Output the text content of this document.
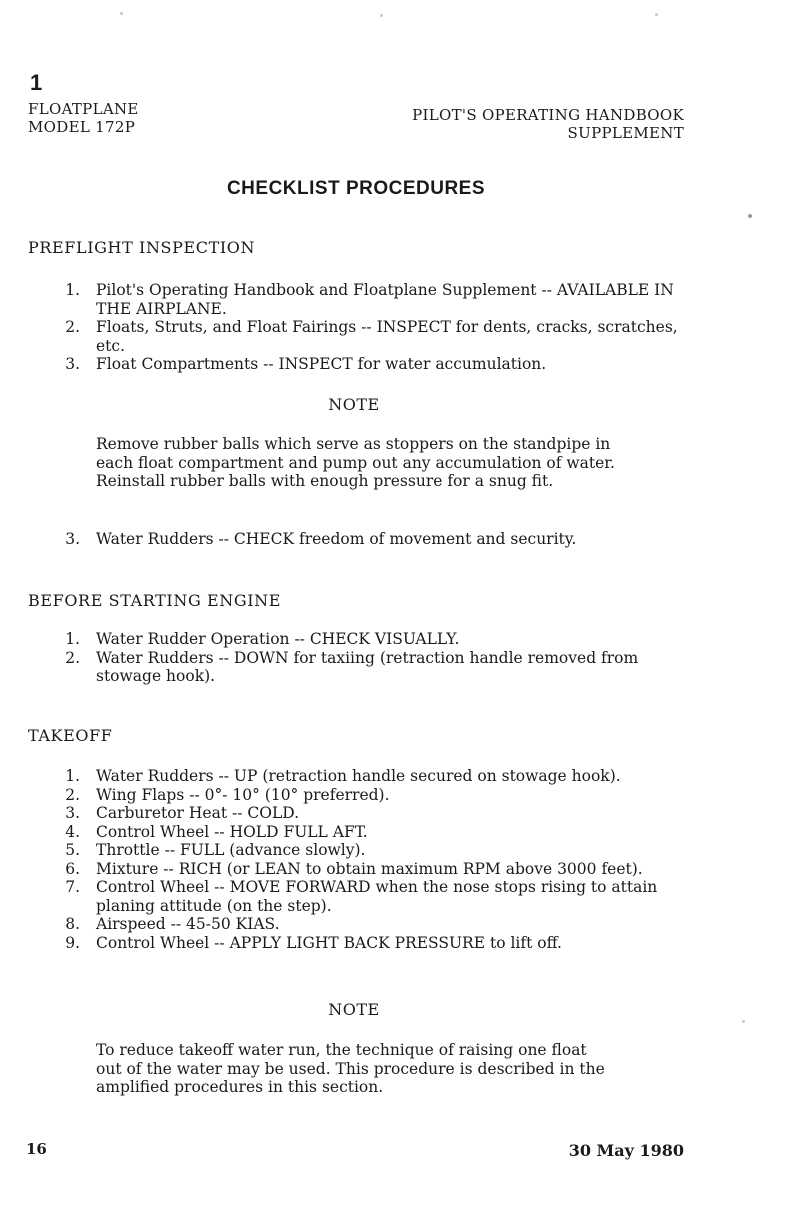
1
FLOATPLANE
MODEL 172P
PILOT'S OPERATING HANDBOOK
SUPPLEMENT
CHECKLIST PROCEDURES
PREFLIGHT INSPECTION
1. Pilot's Operating Handbook and Floatplane Supplement -- AVAILABLE IN THE AIRPLANE.
2. Floats, Struts, and Float Fairings -- INSPECT for dents, cracks, scratches, etc.
3. Float Compartments -- INSPECT for water accumulation.
NOTE
Remove rubber balls which serve as stoppers on the standpipe in each float compartment and pump out any accumulation of water. Reinstall rubber balls with enough pressure for a snug fit.
3. Water Rudders -- CHECK freedom of movement and security.
BEFORE STARTING ENGINE
1. Water Rudder Operation -- CHECK VISUALLY.
2. Water Rudders -- DOWN for taxiing (retraction handle removed from stowage hook).
TAKEOFF
1. Water Rudders -- UP (retraction handle secured on stowage hook).
2. Wing Flaps -- 0°- 10° (10° preferred).
3. Carburetor Heat -- COLD.
4. Control Wheel -- HOLD FULL AFT.
5. Throttle -- FULL (advance slowly).
6. Mixture -- RICH (or LEAN to obtain maximum RPM above 3000 feet).
7. Control Wheel -- MOVE FORWARD when the nose stops rising to attain planing attitude (on the step).
8. Airspeed -- 45-50 KIAS.
9. Control Wheel -- APPLY LIGHT BACK PRESSURE to lift off.
NOTE
To reduce takeoff water run, the technique of raising one float out of the water may be used. This procedure is described in the amplified procedures in this section.
16	30 May 1980
